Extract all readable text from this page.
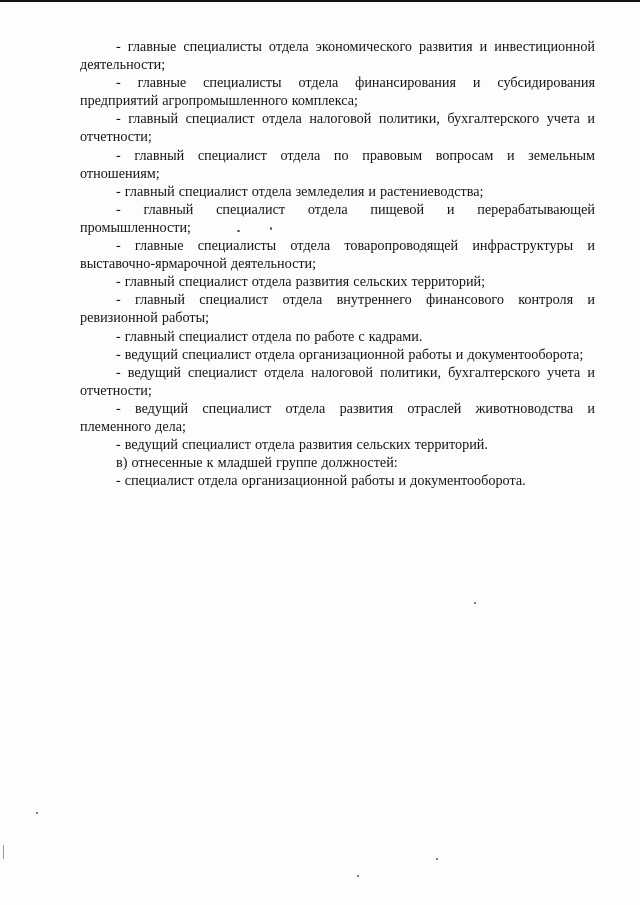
- главные специалисты отдела экономического развития и инвестиционной деятельности;

- главные специалисты отдела финансирования и субсидирования предприятий агропромышленного комплекса;

- главный специалист отдела налоговой политики, бухгалтерского учета и отчетности;

- главный специалист отдела по правовым вопросам и земельным отношениям;

- главный специалист отдела земледелия и растениеводства;

- главный специалист отдела пищевой и перерабатывающей промышленности;

- главные специалисты отдела товаропроводящей инфраструктуры и выставочно-ярмарочной деятельности;

- главный специалист отдела развития сельских территорий;

- главный специалист отдела внутреннего финансового контроля и ревизионной работы;

- главный специалист отдела по работе с кадрами.

- ведущий специалист отдела организационной работы и документооборота;

- ведущий специалист отдела налоговой политики, бухгалтерского учета и отчетности;

- ведущий специалист отдела развития отраслей животноводства и племенного дела;

- ведущий специалист отдела развития сельских территорий.

в) отнесенные к младшей группе должностей:

- специалист отдела организационной работы и документооборота.
